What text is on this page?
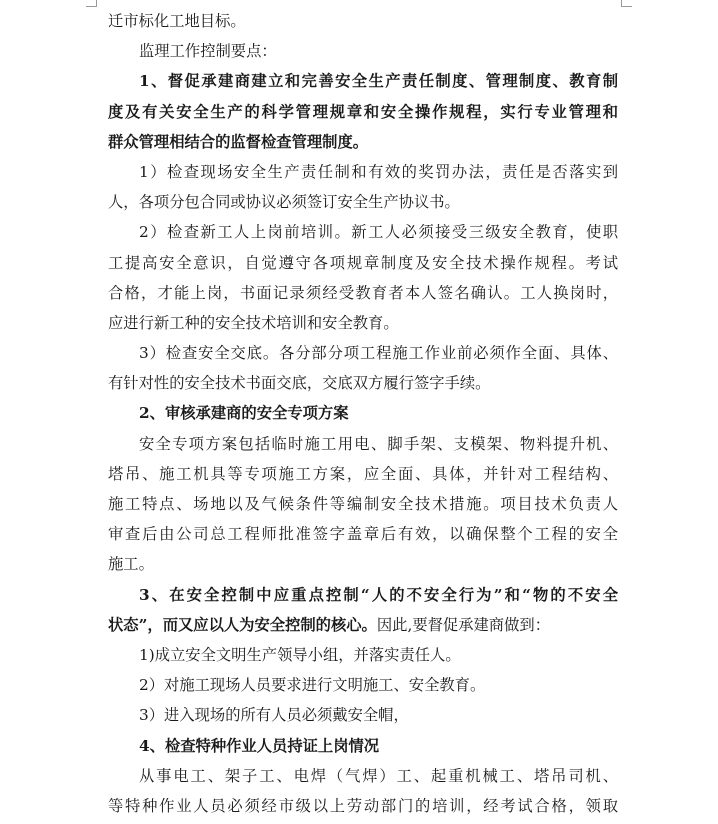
迁市标化工地目标。
监理工作控制要点：
1、督促承建商建立和完善安全生产责任制度、管理制度、教育制
度及有关安全生产的科学管理规章和安全操作规程，实行专业管理和
群众管理相结合的监督检查管理制度。
1）检查现场安全生产责任制和有效的奖罚办法，责任是否落实到
人，各项分包合同或协议必须签订安全生产协议书。
2）检查新工人上岗前培训。新工人必须接受三级安全教育，使职
工提高安全意识，自觉遵守各项规章制度及安全技术操作规程。考试
合格，才能上岗，书面记录须经受教育者本人签名确认。工人换岗时，
应进行新工种的安全技术培训和安全教育。
3）检查安全交底。各分部分项工程施工作业前必须作全面、具体、
有针对性的安全技术书面交底，交底双方履行签字手续。
2、审核承建商的安全专项方案
安全专项方案包括临时施工用电、脚手架、支模架、物料提升机、
塔吊、施工机具等专项施工方案，应全面、具体，并针对工程结构、
施工特点、场地以及气候条件等编制安全技术措施。项目技术负责人
审查后由公司总工程师批准签字盖章后有效，以确保整个工程的安全
施工。
3、在安全控制中应重点控制“人的不安全行为”和“物的不安全
状态”，而又应以人为安全控制的核心。因此,要督促承建商做到：
1)成立安全文明生产领导小组，并落实责任人。
2）对施工现场人员要求进行文明施工、安全教育。
3）进入现场的所有人员必须戴安全帽，
4、检查特种作业人员持证上岗情况
从事电工、架子工、电焊（气焊）工、起重机械工、塔吊司机、
等特种作业人员必须经市级以上劳动部门的培训，经考试合格，领取
